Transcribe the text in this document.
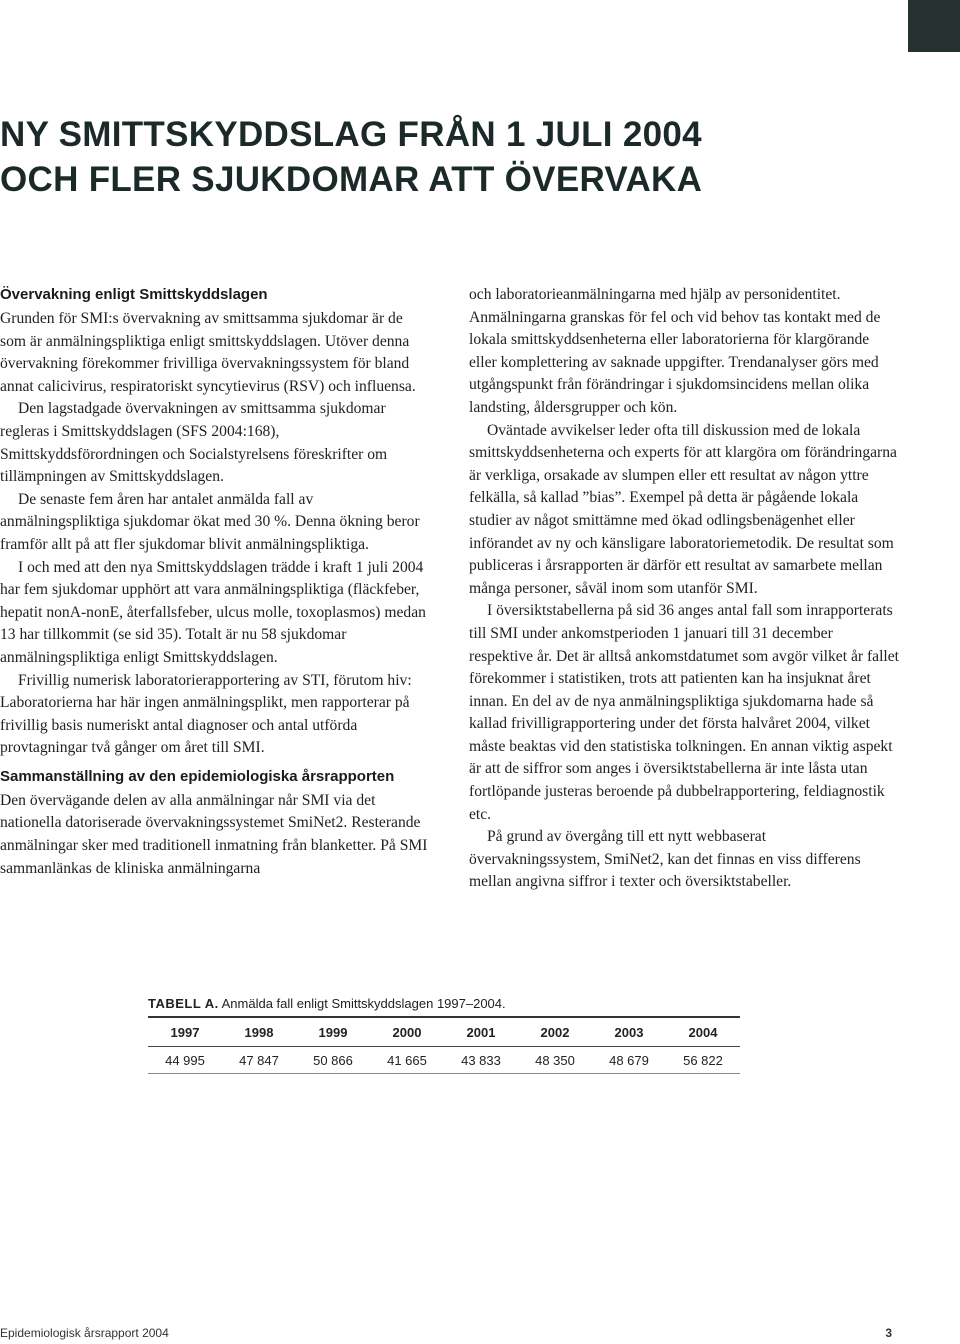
NY SMITTSKYDDSLAG FRÅN 1 JULI 2004
OCH FLER SJUKDOMAR ATT ÖVERVAKA
Övervakning enligt Smittskyddslagen

Grunden för SMI:s övervakning av smittsamma sjukdomar är de som är anmälningspliktiga enligt smittskyddslagen. Utöver denna övervakning förekommer frivilliga övervakningssystem för bland annat calicivirus, respiratoriskt syncytievirus (RSV) och influensa.

Den lagstadgade övervakningen av smittsamma sjukdomar regleras i Smittskyddslagen (SFS 2004:168), Smittskyddsförordningen och Socialstyrelsens föreskrifter om tillämpningen av Smittskyddslagen.

De senaste fem åren har antalet anmälda fall av anmälningspliktiga sjukdomar ökat med 30 %. Denna ökning beror framför allt på att fler sjukdomar blivit anmälningspliktiga.

I och med att den nya Smittskyddslagen trädde i kraft 1 juli 2004 har fem sjukdomar upphört att vara anmälningspliktiga (fläckfeber, hepatit nonA-nonE, återfallsfeber, ulcus molle, toxoplasmos) medan 13 har tillkommit (se sid 35). Totalt är nu 58 sjukdomar anmälningspliktiga enligt Smittskyddslagen.

Frivillig numerisk laboratorierapportering av STI, förutom hiv: Laboratorierna har här ingen anmälningsplikt, men rapporterar på frivillig basis numeriskt antal diagnoser och antal utförda provtagningar två gånger om året till SMI.

Sammanställning av den epidemiologiska årsrapporten

Den övervägande delen av alla anmälningar når SMI via det nationella datoriserade övervakningssystemet SmiNet2. Resterande anmälningar sker med traditionell inmatning från blanketter. På SMI sammanlänkas de kliniska anmälningarna

och laboratorieanmälningarna med hjälp av personidentitet. Anmälningarna granskas för fel och vid behov tas kontakt med de lokala smittskyddsenheterna eller laboratorierna för klargörande eller komplettering av saknade uppgifter. Trendanalyser görs med utgångspunkt från förändringar i sjukdomsincidens mellan olika landsting, åldersgrupper och kön.

Oväntade avvikelser leder ofta till diskussion med de lokala smittskyddsenheterna och experts för att klargöra om förändringarna är verkliga, orsakade av slumpen eller ett resultat av någon yttre felkälla, så kallad ”bias”. Exempel på detta är pågående lokala studier av något smittämne med ökad odlingsbenägenhet eller införandet av ny och känsligare laboratoriemetodik. De resultat som publiceras i årsrapporten är därför ett resultat av samarbete mellan många personer, såväl inom som utanför SMI.

I översiktstabellerna på sid 36 anges antal fall som inrapporterats till SMI under ankomstperioden 1 januari till 31 december respektive år. Det är alltså ankomstdatumet som avgör vilket år fallet förekommer i statistiken, trots att patienten kan ha insjuknat året innan. En del av de nya anmälningspliktiga sjukdomarna hade så kallad frivilligrapportering under det första halvåret 2004, vilket måste beaktas vid den statistiska tolkningen. En annan viktig aspekt är att de siffror som anges i översiktstabellerna är inte låsta utan fortlöpande justeras beroende på dubbelrapportering, feldiagnostik etc.

På grund av övergång till ett nytt webbaserat övervakningssystem, SmiNet2, kan det finnas en viss differens mellan angivna siffror i texter och översiktstabeller.

TABELL A. Anmälda fall enligt Smittskyddslagen 1997–2004.
1997	1998	1999	2000	2001	2002	2003	2004
44 995	47 847	50 866	41 665	43 833	48 350	48 679	56 822
Epidemiologisk årsrapport 2004	3
